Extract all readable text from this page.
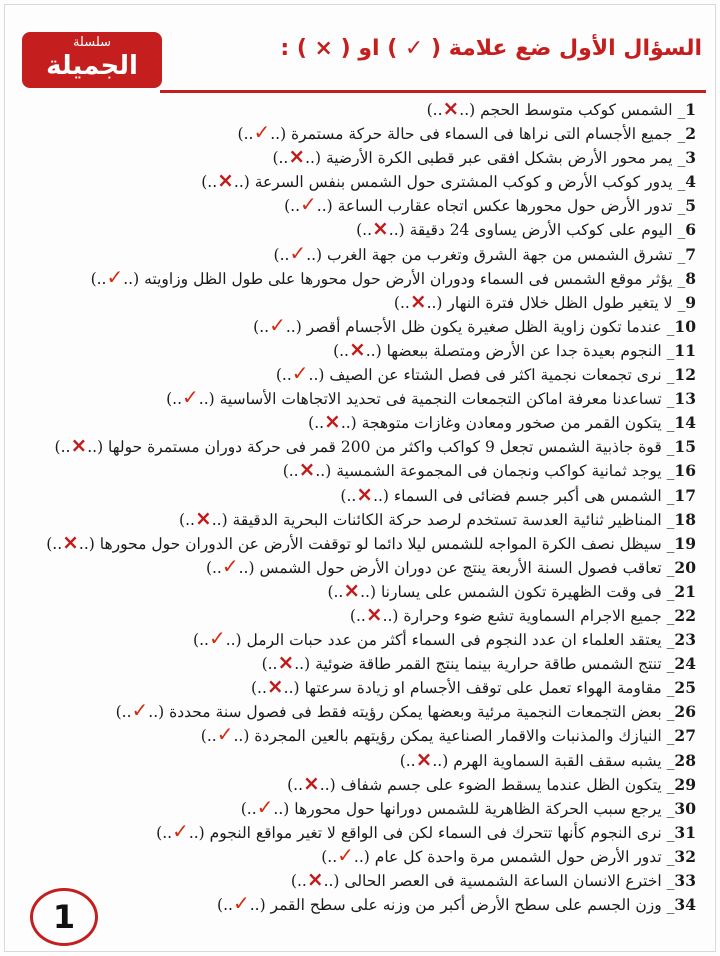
سلسلة
الجميلة
السؤال الأول ضع علامة ( ✓ ) او ( × ) :
1_ الشمس كوكب متوسط الحجم (..×..)
2_ جميع الأجسام التى نراها فى السماء فى حالة حركة مستمرة (..✓..)
3_ يمر محور الأرض بشكل افقى عبر قطبى الكرة الأرضية (..×..)
4_ يدور كوكب الأرض و كوكب المشترى حول الشمس بنفس السرعة (..×..)
5_ تدور الأرض حول محورها عكس اتجاه عقارب الساعة (..✓..)
6_ اليوم على كوكب الأرض يساوى 24 دقيقة (..×..)
7_ تشرق الشمس من جهة الشرق وتغرب من جهة الغرب (..✓..)
8_ يؤثر موقع الشمس فى السماء ودوران الأرض حول محورها على طول الظل وزاويته (..✓..)
9_ لا يتغير طول الظل خلال فترة النهار (..×..)
10_ عندما تكون زاوية الظل صغيرة يكون ظل الأجسام أقصر (..✓..)
11_ النجوم بعيدة جدا عن الأرض ومتصلة ببعضها (..×..)
12_ نرى تجمعات نجمية اكثر فى فصل الشتاء عن الصيف (..✓..)
13_ تساعدنا معرفة اماكن التجمعات النجمية فى تحديد الاتجاهات الأساسية (..✓..)
14_ يتكون القمر من صخور ومعادن وغازات متوهجة (..×..)
15_ قوة جاذبية الشمس تجعل 9 كواكب واكثر من 200 قمر فى حركة دوران مستمرة حولها (..×..)
16_ يوجد ثمانية كواكب ونجمان فى المجموعة الشمسية (..×..)
17_ الشمس هى أكبر جسم فضائى فى السماء (..×..)
18_ المناظير ثنائية العدسة تستخدم لرصد حركة الكائنات البحرية الدقيقة (..×..)
19_ سيظل نصف الكرة المواجه للشمس ليلا دائما لو توقفت الأرض عن الدوران حول محورها (..×..)
20_ تعاقب فصول السنة الأربعة ينتج عن دوران الأرض حول الشمس (..✓..)
21_ فى وقت الظهيرة تكون الشمس على يسارنا (..×..)
22_ جميع الاجرام السماوية تشع ضوء وحرارة (..×..)
23_ يعتقد العلماء ان عدد النجوم فى السماء أكثر من عدد حبات الرمل (..✓..)
24_ تنتج الشمس طاقة حرارية بينما ينتج القمر طاقة ضوئية (..×..)
25_ مقاومة الهواء تعمل على توقف الأجسام او زيادة سرعتها (..×..)
26_ بعض التجمعات النجمية مرئية وبعضها يمكن رؤيته فقط فى فصول سنة محددة (..✓..)
27_ النيازك والمذنبات والاقمار الصناعية يمكن رؤيتهم بالعين المجردة (..✓..)
28_ يشبه سقف القبة السماوية الهرم (..×..)
29_ يتكون الظل عندما يسقط الضوء على جسم شفاف (..×..)
30_ يرجع سبب الحركة الظاهرية للشمس دورانها حول محورها (..✓..)
31_ نرى النجوم كأنها تتحرك فى السماء لكن فى الواقع لا تغير مواقع النجوم (..✓..)
32_ تدور الأرض حول الشمس مرة واحدة كل عام (..✓..)
33_ اخترع الانسان الساعة الشمسية فى العصر الحالى (..×..)
34_ وزن الجسم على سطح الأرض أكبر من وزنه على سطح القمر (..✓..)
1
